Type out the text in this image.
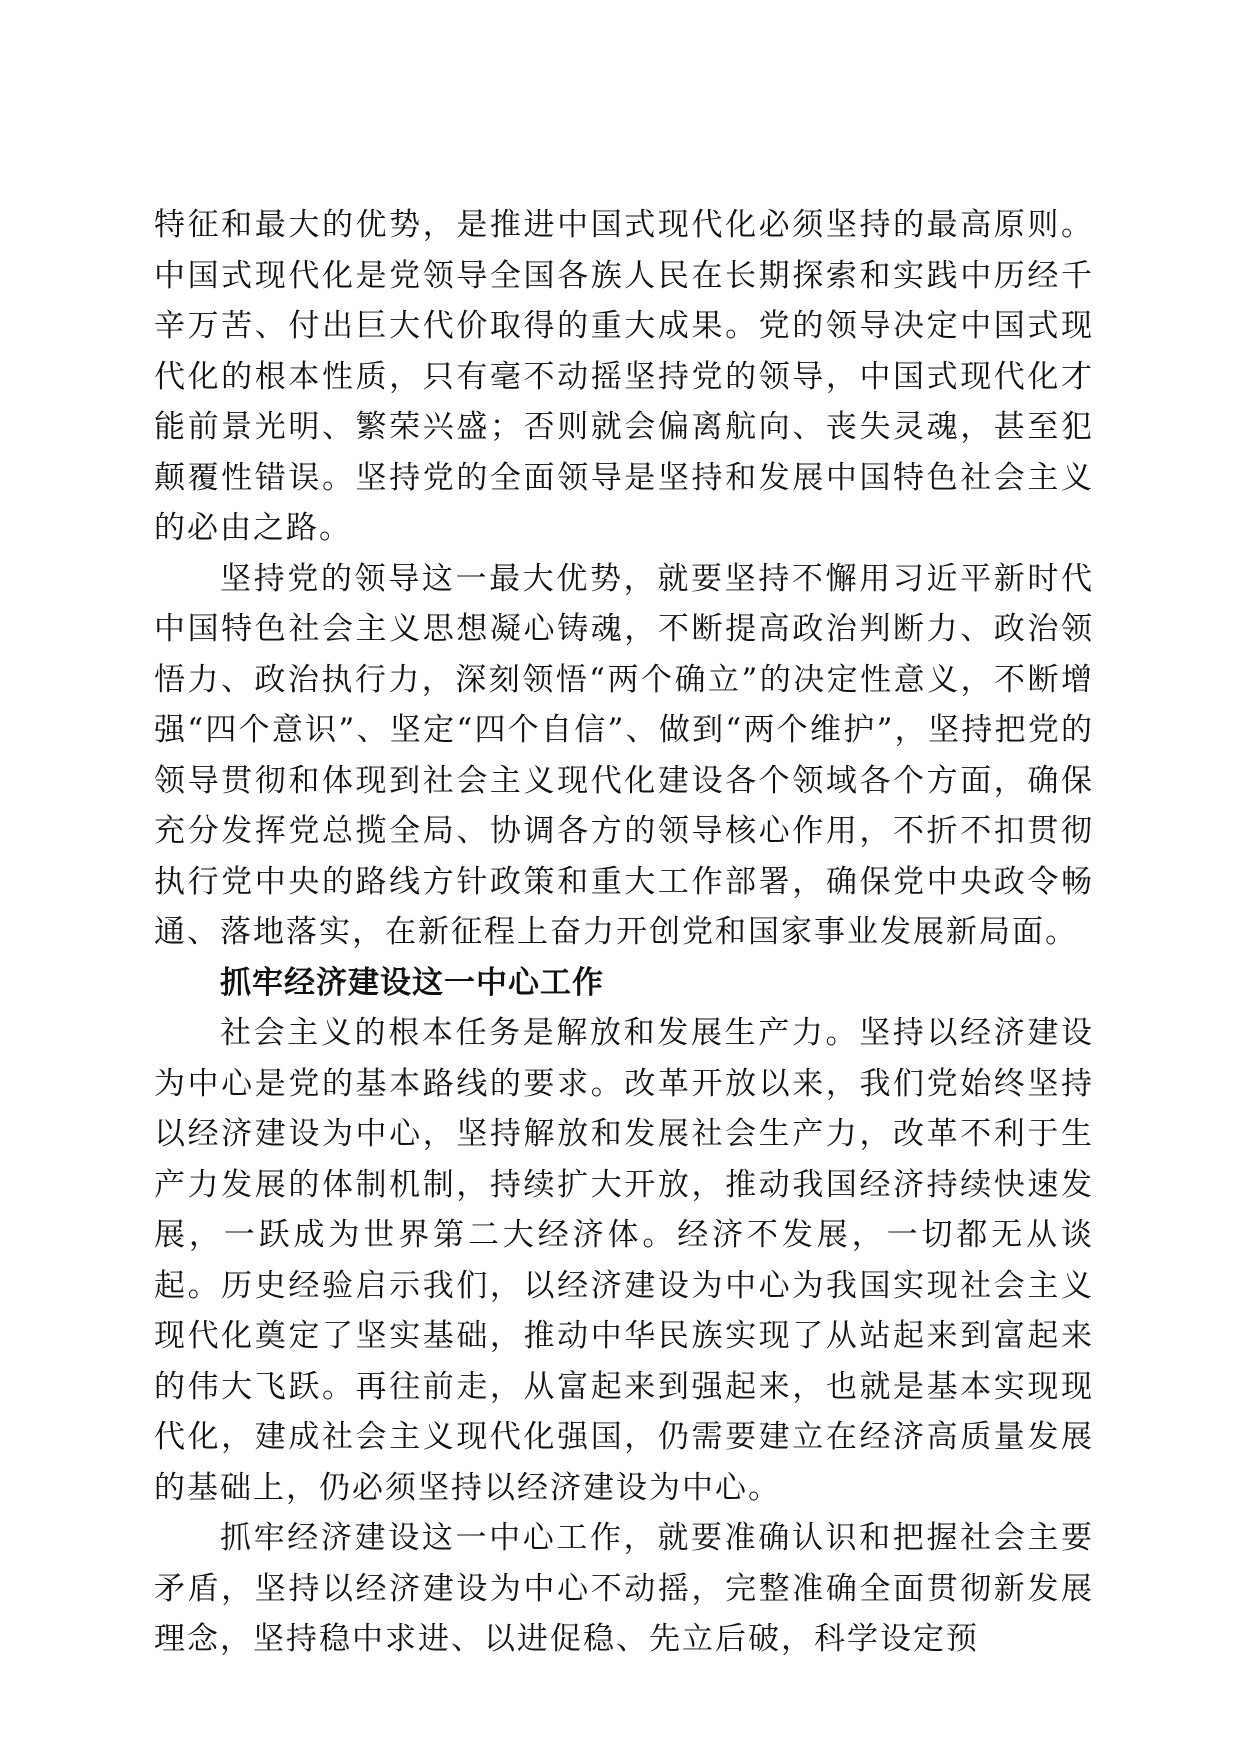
特征和最大的优势，是推进中国式现代化必须坚持的最高原则。中国式现代化是党领导全国各族人民在长期探索和实践中历经千辛万苦、付出巨大代价取得的重大成果。党的领导决定中国式现代化的根本性质，只有毫不动摇坚持党的领导，中国式现代化才能前景光明、繁荣兴盛；否则就会偏离航向、丧失灵魂，甚至犯颠覆性错误。坚持党的全面领导是坚持和发展中国特色社会主义的必由之路。

坚持党的领导这一最大优势，就要坚持不懈用习近平新时代中国特色社会主义思想凝心铸魂，不断提高政治判断力、政治领悟力、政治执行力，深刻领悟“两个确立”的决定性意义，不断增强“四个意识”、坚定“四个自信”、做到“两个维护”，坚持把党的领导贯彻和体现到社会主义现代化建设各个领域各个方面，确保充分发挥党总揽全局、协调各方的领导核心作用，不折不扣贯彻执行党中央的路线方针政策和重大工作部署，确保党中央政令畅通、落地落实，在新征程上奋力开创党和国家事业发展新局面。

抓牢经济建设这一中心工作

社会主义的根本任务是解放和发展生产力。坚持以经济建设为中心是党的基本路线的要求。改革开放以来，我们党始终坚持以经济建设为中心，坚持解放和发展社会生产力，改革不利于生产力发展的体制机制，持续扩大开放，推动我国经济持续快速发展，一跃成为世界第二大经济体。经济不发展，一切都无从谈起。历史经验启示我们，以经济建设为中心为我国实现社会主义现代化奠定了坚实基础，推动中华民族实现了从站起来到富起来的伟大飞跃。再往前走，从富起来到强起来，也就是基本实现现代化，建成社会主义现代化强国，仍需要建立在经济高质量发展的基础上，仍必须坚持以经济建设为中心。

抓牢经济建设这一中心工作，就要准确认识和把握社会主要矛盾，坚持以经济建设为中心不动摇，完整准确全面贯彻新发展理念，坚持稳中求进、以进促稳、先立后破，科学设定预
